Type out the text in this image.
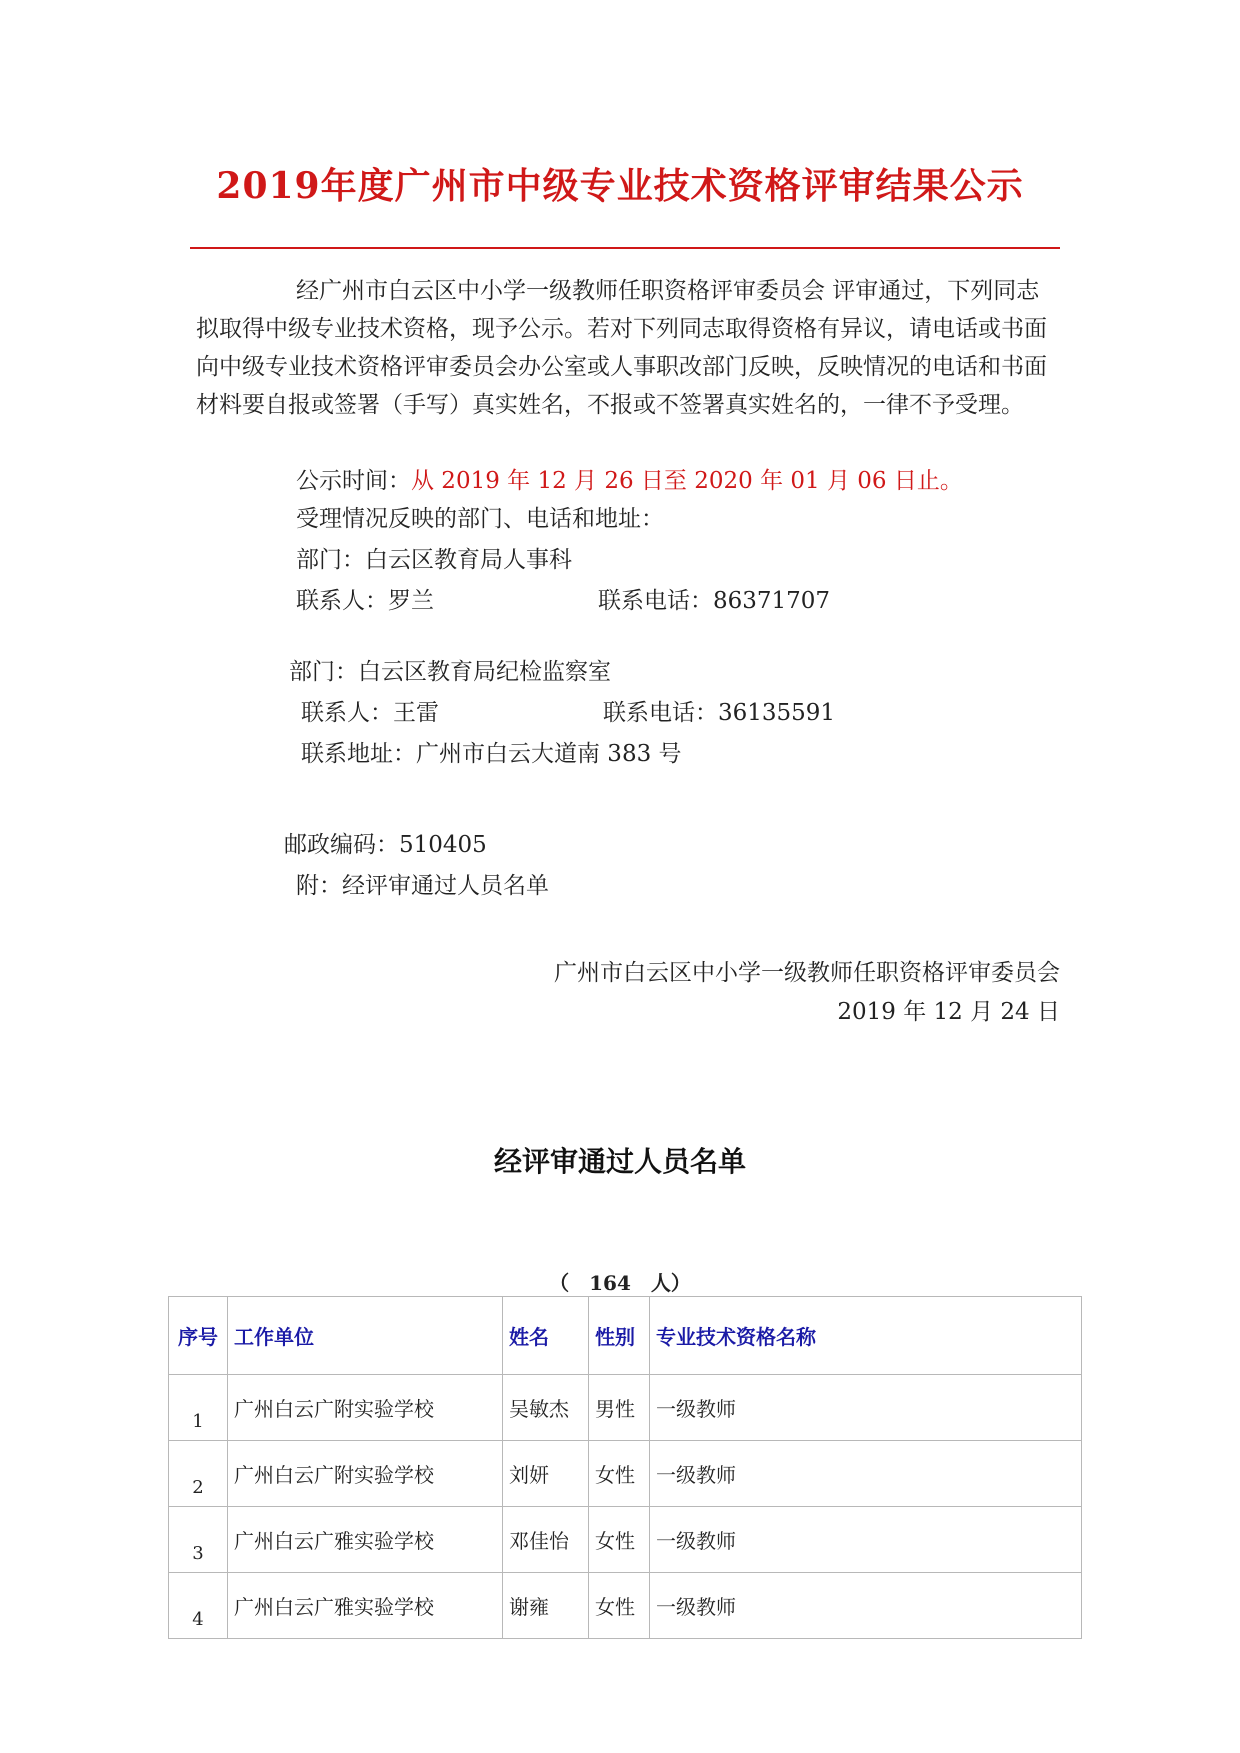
2019年度广州市中级专业技术资格评审结果公示
经广州市白云区中小学一级教师任职资格评审委员会 评审通过，下列同志拟取得中级专业技术资格，现予公示。若对下列同志取得资格有异议，请电话或书面向中级专业技术资格评审委员会办公室或人事职改部门反映，反映情况的电话和书面材料要自报或签署（手写）真实姓名，不报或不签署真实姓名的，一律不予受理。
公示时间：从 2019 年 12 月 26 日至 2020 年 01 月 06 日止。
受理情况反映的部门、电话和地址：
部门：白云区教育局人事科
联系人：罗兰	联系电话：86371707
部门：白云区教育局纪检监察室
联系人：王雷	联系电话：36135591
联系地址：广州市白云大道南 383 号
邮政编码：510405
附：经评审通过人员名单
广州市白云区中小学一级教师任职资格评审委员会
2019 年 12 月 24 日
经评审通过人员名单
（　164　人）
序号	工作单位	姓名	性别	专业技术资格名称
1	广州白云广附实验学校	吴敏杰	男性	一级教师
2	广州白云广附实验学校	刘妍	女性	一级教师
3	广州白云广雅实验学校	邓佳怡	女性	一级教师
4	广州白云广雅实验学校	谢雍	女性	一级教师
